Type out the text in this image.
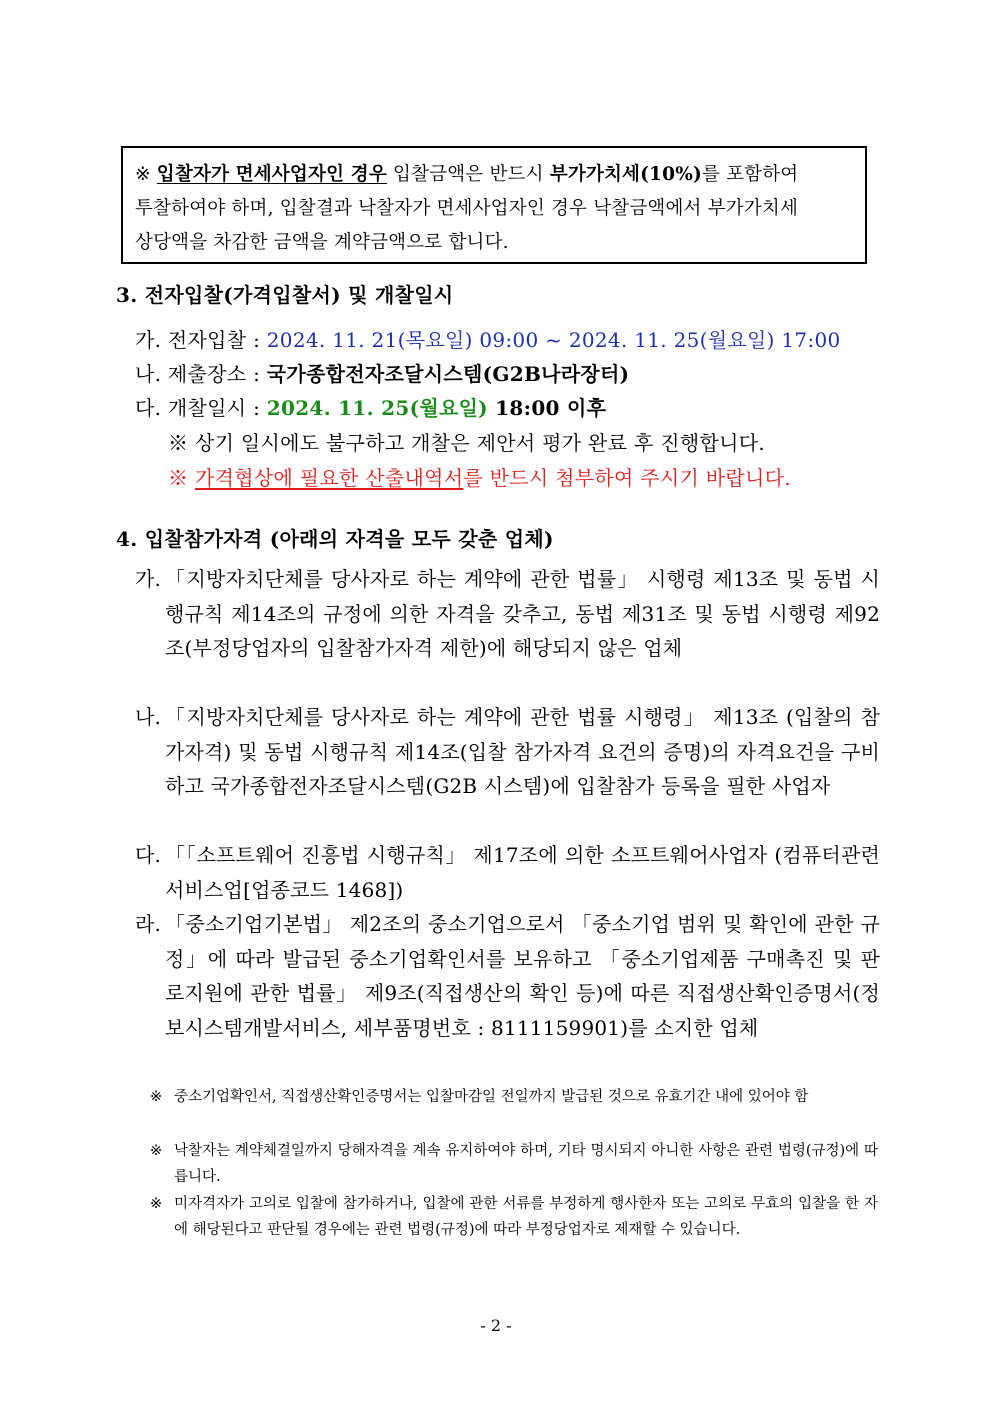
※ 입찰자가 면세사업자인 경우 입찰금액은 반드시 부가가치세(10%)를 포함하여

투찰하여야 하며, 입찰결과 낙찰자가 면세사업자인 경우 낙찰금액에서 부가가치세

상당액을 차감한 금액을 계약금액으로 합니다.

3. 전자입찰(가격입찰서) 및 개찰일시
가. 전자입찰 : 2024. 11. 21(목요일) 09:00 ~ 2024. 11. 25(월요일) 17:00
나. 제출장소 : 국가종합전자조달시스템(G2B나라장터)
다. 개찰일시 : 2024. 11. 25(월요일) 18:00 이후
※ 상기 일시에도 불구하고 개찰은 제안서 평가 완료 후 진행합니다.
※ 가격협상에 필요한 산출내역서를 반드시 첨부하여 주시기 바랍니다.
4. 입찰참가자격 (아래의 자격을 모두 갖춘 업체)
가. 「지방자치단체를 당사자로 하는 계약에 관한 법률」 시행령 제13조 및 동법 시행규칙 제14조의 규정에 의한 자격을 갖추고, 동법 제31조 및 동법 시행령 제92조(부정당업자의 입찰참가자격 제한)에 해당되지 않은 업체
나. 「지방자치단체를 당사자로 하는 계약에 관한 법률 시행령」 제13조 (입찰의 참가자격) 및 동법 시행규칙 제14조(입찰 참가자격 요건의 증명)의 자격요건을 구비하고 국가종합전자조달시스템(G2B 시스템)에 입찰참가 등록을 필한 사업자
다. 「「소프트웨어 진흥법 시행규칙」 제17조에 의한 소프트웨어사업자 (컴퓨터관련서비스업[업종코드 1468])
라. 「중소기업기본법」 제2조의 중소기업으로서 「중소기업 범위 및 확인에 관한 규정」에 따라 발급된 중소기업확인서를 보유하고 「중소기업제품 구매촉진 및 판로지원에 관한 법률」 제9조(직접생산의 확인 등)에 따른 직접생산확인증명서(정보시스템개발서비스, 세부품명번호 : 8111159901)를 소지한 업체
※ 중소기업확인서, 직접생산확인증명서는 입찰마감일 전일까지 발급된 것으로 유효기간 내에 있어야 함
※ 낙찰자는 계약체결일까지 당해자격을 계속 유지하여야 하며, 기타 명시되지 아니한 사항은 관련 법령(규정)에 따릅니다.
※ 미자격자가 고의로 입찰에 참가하거나, 입찰에 관한 서류를 부정하게 행사한자 또는 고의로 무효의 입찰을 한 자에 해당된다고 판단될 경우에는 관련 법령(규정)에 따라 부정당업자로 제재할 수 있습니다.
- 2 -
